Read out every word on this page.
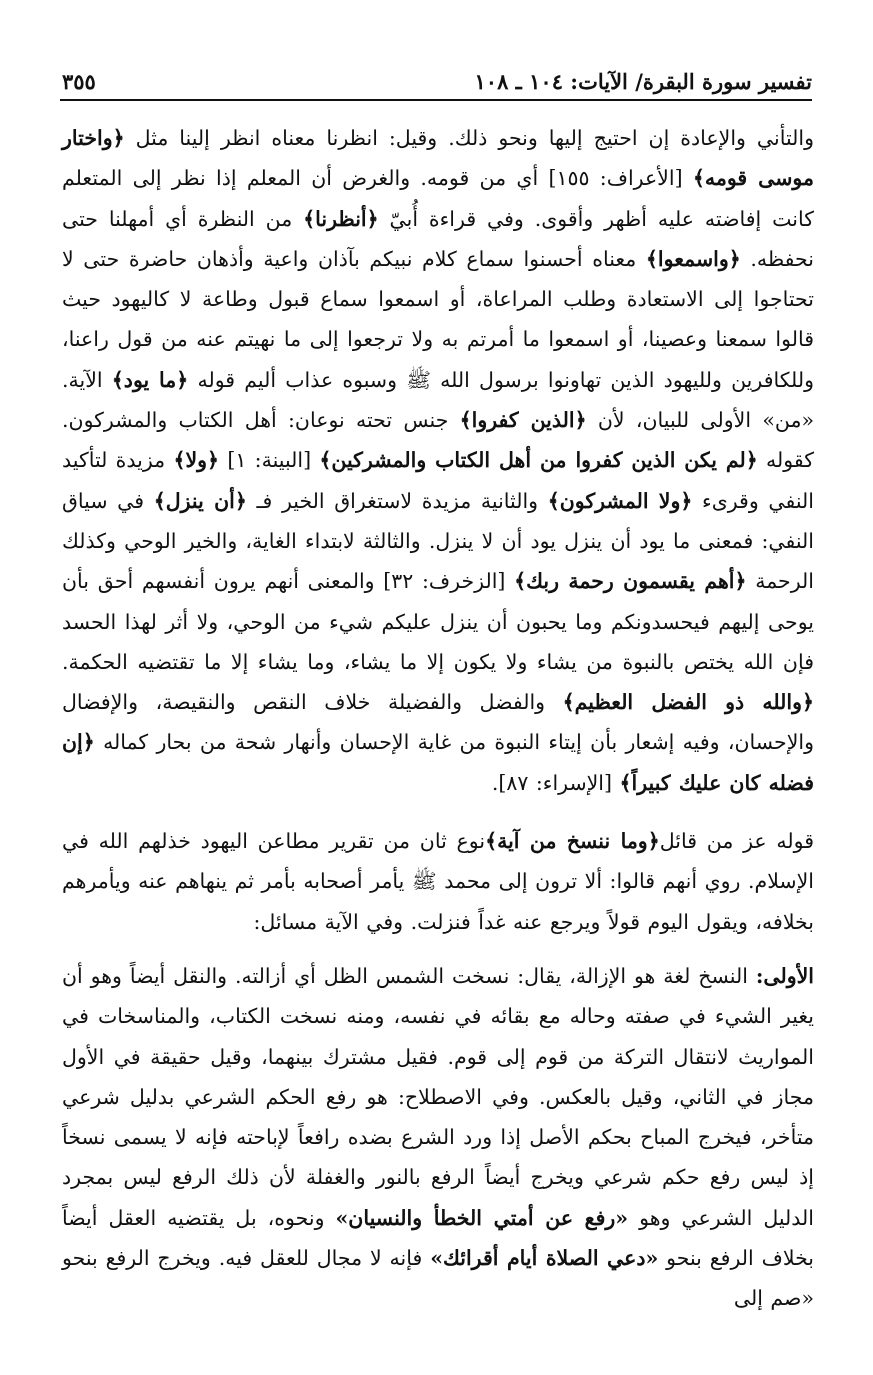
تفسير سورة البقرة/ الآيات: ١٠٤ ـ ١٠٨
٣٥٥

والتأني والإعادة إن احتيج إليها ونحو ذلك. وقيل: انظرنا معناه انظر إلينا مثل ﴿واختار موسى قومه﴾ [الأعراف: ١٥٥] أي من قومه. والغرض أن المعلم إذا نظر إلى المتعلم كانت إفاضته عليه أظهر وأقوى. وفي قراءة أُبيّ ﴿أنظرنا﴾ من النظرة أي أمهلنا حتى نحفظه. ﴿واسمعوا﴾ معناه أحسنوا سماع كلام نبيكم بآذان واعية وأذهان حاضرة حتى لا تحتاجوا إلى الاستعادة وطلب المراعاة، أو اسمعوا سماع قبول وطاعة لا كاليهود حيث قالوا سمعنا وعصينا، أو اسمعوا ما أمرتم به ولا ترجعوا إلى ما نهيتم عنه من قول راعنا، وللكافرين ولليهود الذين تهاونوا برسول الله ﷺ وسبوه عذاب أليم قوله ﴿ما يود﴾ الآية. «من» الأولى للبيان، لأن ﴿الذين كفروا﴾ جنس تحته نوعان: أهل الكتاب والمشركون. كقوله ﴿لم يكن الذين كفروا من أهل الكتاب والمشركين﴾ [البينة: ١] ﴿ولا﴾ مزيدة لتأكيد النفي وقرىء ﴿ولا المشركون﴾ والثانية مزيدة لاستغراق الخير فـ ﴿أن ينزل﴾ في سياق النفي: فمعنى ما يود أن ينزل يود أن لا ينزل. والثالثة لابتداء الغاية، والخير الوحي وكذلك الرحمة ﴿أهم يقسمون رحمة ربك﴾ [الزخرف: ٣٢] والمعنى أنهم يرون أنفسهم أحق بأن يوحى إليهم فيحسدونكم وما يحبون أن ينزل عليكم شيء من الوحي، ولا أثر لهذا الحسد فإن الله يختص بالنبوة من يشاء ولا يكون إلا ما يشاء، وما يشاء إلا ما تقتضيه الحكمة. ﴿والله ذو الفضل العظيم﴾ والفضل والفضيلة خلاف النقص والنقيصة، والإفضال والإحسان، وفيه إشعار بأن إيتاء النبوة من غاية الإحسان وأنهار شحة من بحار كماله ﴿إن فضله كان عليك كبيراً﴾ [الإسراء: ٨٧].

قوله عز من قائل﴿وما ننسخ من آية﴾نوع ثان من تقرير مطاعن اليهود خذلهم الله في الإسلام. روي أنهم قالوا: ألا ترون إلى محمد ﷺ يأمر أصحابه بأمر ثم ينهاهم عنه ويأمرهم بخلافه، ويقول اليوم قولاً ويرجع عنه غداً فنزلت. وفي الآية مسائل:

الأولى: النسخ لغة هو الإزالة، يقال: نسخت الشمس الظل أي أزالته. والنقل أيضاً وهو أن يغير الشيء في صفته وحاله مع بقائه في نفسه، ومنه نسخت الكتاب، والمناسخات في المواريث لانتقال التركة من قوم إلى قوم. فقيل مشترك بينهما، وقيل حقيقة في الأول مجاز في الثاني، وقيل بالعكس. وفي الاصطلاح: هو رفع الحكم الشرعي بدليل شرعي متأخر، فيخرج المباح بحكم الأصل إذا ورد الشرع بضده رافعاً لإباحته فإنه لا يسمى نسخاً إذ ليس رفع حكم شرعي ويخرج أيضاً الرفع بالنور والغفلة لأن ذلك الرفع ليس بمجرد الدليل الشرعي وهو «رفع عن أمتي الخطأ والنسيان» ونحوه، بل يقتضيه العقل أيضاً بخلاف الرفع بنحو «دعي الصلاة أيام أقرائك» فإنه لا مجال للعقل فيه. ويخرج الرفع بنحو «صم إلى
